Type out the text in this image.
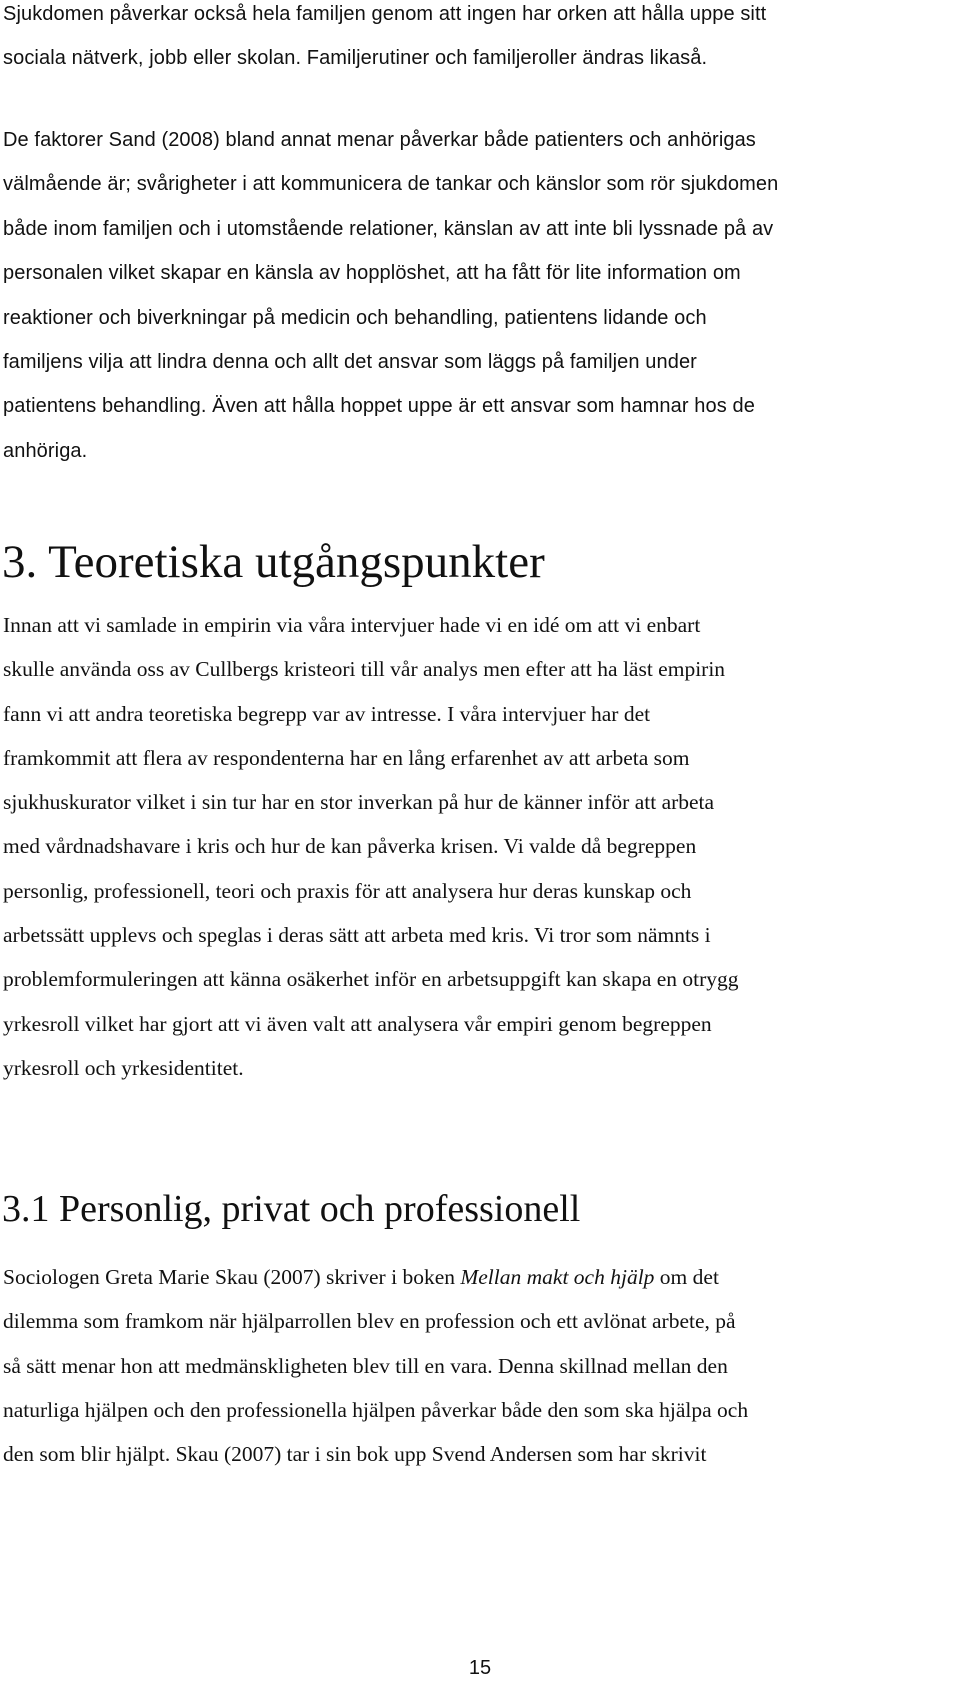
Sjukdomen påverkar också hela familjen genom att ingen har orken att hålla uppe sitt
sociala nätverk, jobb eller skolan. Familjerutiner och familjeroller ändras likaså.
De faktorer Sand (2008) bland annat menar påverkar både patienters och anhörigas
välmående är; svårigheter i att kommunicera de tankar och känslor som rör sjukdomen
både inom familjen och i utomstående relationer, känslan av att inte bli lyssnade på av
personalen vilket skapar en känsla av hopplöshet, att ha fått för lite information om
reaktioner och biverkningar på medicin och behandling, patientens lidande och
familjens vilja att lindra denna och allt det ansvar som läggs på familjen under
patientens behandling. Även att hålla hoppet uppe är ett ansvar som hamnar hos de
anhöriga.
3. Teoretiska utgångspunkter
Innan att vi samlade in empirin via våra intervjuer hade vi en idé om att vi enbart
skulle använda oss av Cullbergs kristeori till vår analys men efter att ha läst empirin
fann vi att andra teoretiska begrepp var av intresse. I våra intervjuer har det
framkommit att flera av respondenterna har en lång erfarenhet av att arbeta som
sjukhuskurator vilket i sin tur har en stor inverkan på hur de känner inför att arbeta
med vårdnadshavare i kris och hur de kan påverka krisen. Vi valde då begreppen
personlig, professionell, teori och praxis för att analysera hur deras kunskap och
arbetssätt upplevs och speglas i deras sätt att arbeta med kris. Vi tror som nämnts i
problemformuleringen att känna osäkerhet inför en arbetsuppgift kan skapa en otrygg
yrkesroll vilket har gjort att vi även valt att analysera vår empiri genom begreppen
yrkesroll och yrkesidentitet.
3.1 Personlig, privat och professionell
Sociologen Greta Marie Skau (2007) skriver i boken Mellan makt och hjälp om det
dilemma som framkom när hjälparrollen blev en profession och ett avlönat arbete, på
så sätt menar hon att medmänskligheten blev till en vara. Denna skillnad mellan den
naturliga hjälpen och den professionella hjälpen påverkar både den som ska hjälpa och
den som blir hjälpt. Skau (2007) tar i sin bok upp Svend Andersen som har skrivit
15
